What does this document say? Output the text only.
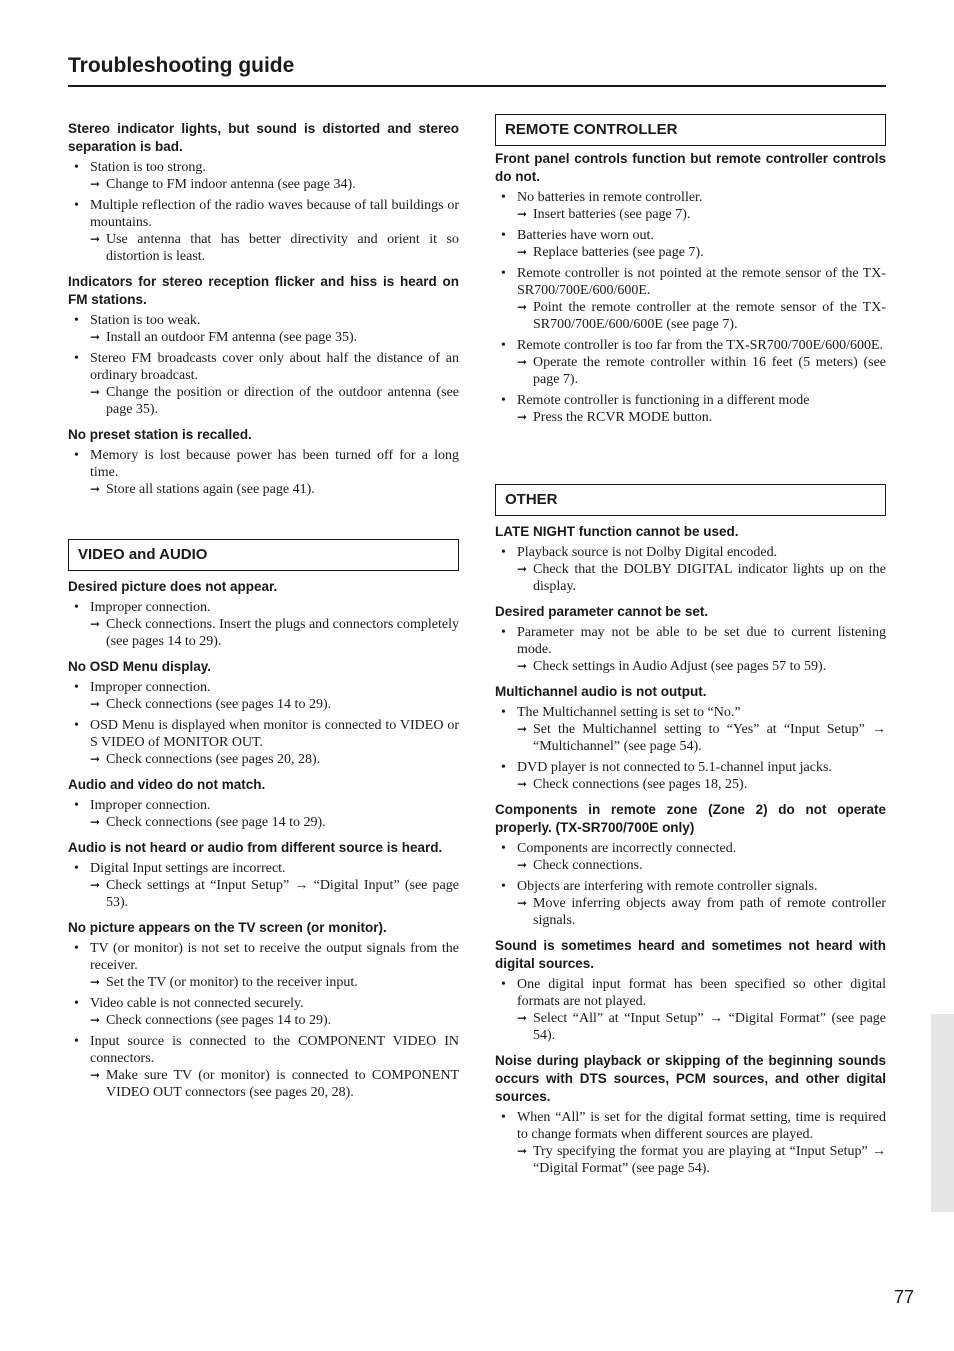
Troubleshooting guide
Stereo indicator lights, but sound is distorted and stereo separation is bad.
• Station is too strong.
➞ Change to FM indoor antenna (see page 34).
• Multiple reflection of the radio waves because of tall buildings or mountains.
➞ Use antenna that has better directivity and orient it so distortion is least.
Indicators for stereo reception flicker and hiss is heard on FM stations.
• Station is too weak.
➞ Install an outdoor FM antenna (see page 35).
• Stereo FM broadcasts cover only about half the distance of an ordinary broadcast.
➞ Change the position or direction of the outdoor antenna (see page 35).
No preset station is recalled.
• Memory is lost because power has been turned off for a long time.
➞ Store all stations again (see page 41).
VIDEO and AUDIO
Desired picture does not appear.
• Improper connection.
➞ Check connections. Insert the plugs and connectors completely (see pages 14 to 29).
No OSD Menu display.
• Improper connection.
➞ Check connections (see pages 14 to 29).
• OSD Menu is displayed when monitor is connected to VIDEO or S VIDEO of MONITOR OUT.
➞ Check connections (see pages 20, 28).
Audio and video do not match.
• Improper connection.
➞ Check connections (see page 14 to 29).
Audio is not heard or audio from different source is heard.
• Digital Input settings are incorrect.
➞ Check settings at “Input Setup” → “Digital Input” (see page 53).
No picture appears on the TV screen (or monitor).
• TV (or monitor) is not set to receive the output signals from the receiver.
➞ Set the TV (or monitor) to the receiver input.
• Video cable is not connected securely.
➞ Check connections (see pages 14 to 29).
• Input source is connected to the COMPONENT VIDEO IN connectors.
➞ Make sure TV (or monitor) is connected to COMPONENT VIDEO OUT connectors (see pages 20, 28).
REMOTE CONTROLLER
Front panel controls function but remote controller controls do not.
• No batteries in remote controller.
➞ Insert batteries (see page 7).
• Batteries have worn out.
➞ Replace batteries (see page 7).
• Remote controller is not pointed at the remote sensor of the TX-SR700/700E/600/600E.
➞ Point the remote controller at the remote sensor of the TX-SR700/700E/600/600E (see page 7).
• Remote controller is too far from the TX-SR700/700E/600/600E.
➞ Operate the remote controller within 16 feet (5 meters) (see page 7).
• Remote controller is functioning in a different mode
➞ Press the RCVR MODE button.
OTHER
LATE NIGHT function cannot be used.
• Playback source is not Dolby Digital encoded.
➞ Check that the DOLBY DIGITAL indicator lights up on the display.
Desired parameter cannot be set.
• Parameter may not be able to be set due to current listening mode.
➞ Check settings in Audio Adjust (see pages 57 to 59).
Multichannel audio is not output.
• The Multichannel setting is set to “No.”
➞ Set the Multichannel setting to “Yes” at “Input Setup” → “Multichannel” (see page 54).
• DVD player is not connected to 5.1-channel input jacks.
➞ Check connections (see pages 18, 25).
Components in remote zone (Zone 2) do not operate properly. (TX-SR700/700E only)
• Components are incorrectly connected.
➞ Check connections.
• Objects are interfering with remote controller signals.
➞ Move inferring objects away from path of remote controller signals.
Sound is sometimes heard and sometimes not heard with digital sources.
• One digital input format has been specified so other digital formats are not played.
➞ Select “All” at “Input Setup” → “Digital Format” (see page 54).
Noise during playback or skipping of the beginning sounds occurs with DTS sources, PCM sources, and other digital sources.
• When “All” is set for the digital format setting, time is required to change formats when different sources are played.
➞ Try specifying the format you are playing at “Input Setup” → “Digital Format” (see page 54).
77
